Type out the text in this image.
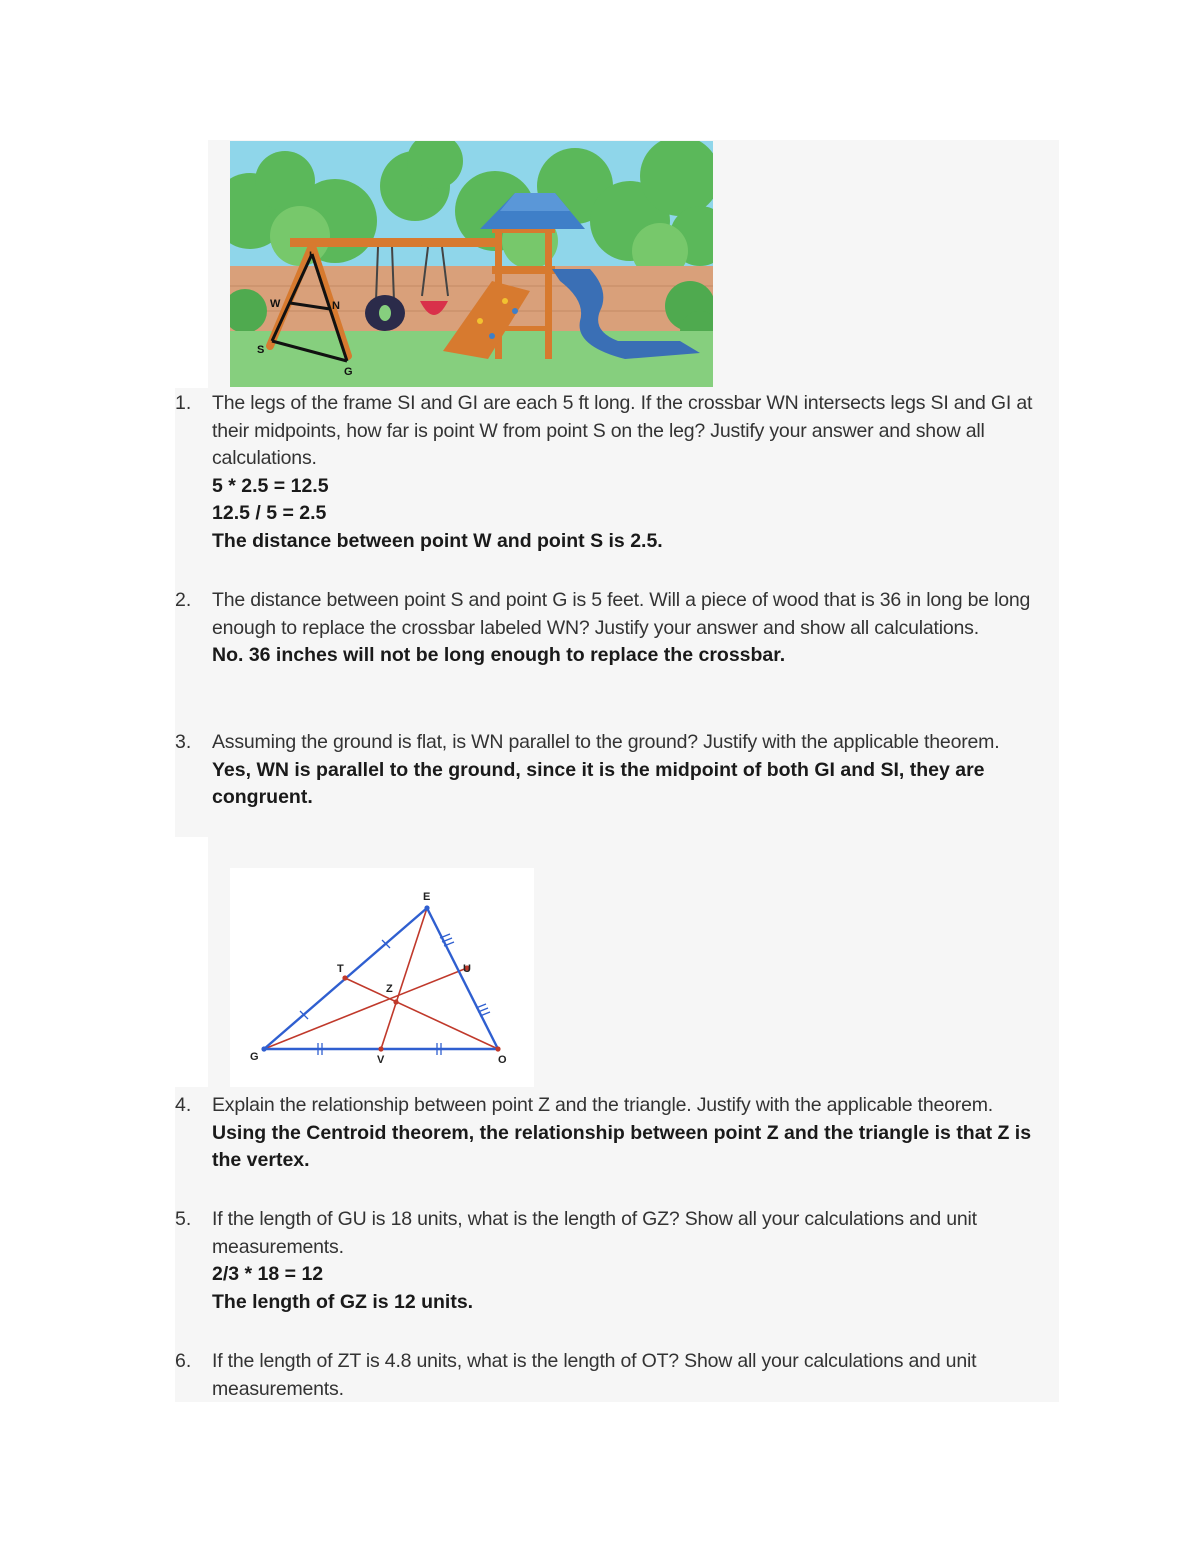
I
W	N
S
G
1.	The legs of the frame SI and GI are each 5 ft long. If the crossbar WN intersects legs SI and GI at their midpoints, how far is point W from point S on the leg? Justify your answer and show all calculations.
5 * 2.5 = 12.5
12.5 / 5 = 2.5
The distance between point W and point S is 2.5.
2.	The distance between point S and point G is 5 feet. Will a piece of wood that is 36 in long be long enough to replace the crossbar labeled WN? Justify your answer and show all calculations.
No. 36 inches will not be long enough to replace the crossbar.
3.	Assuming the ground is flat, is WN parallel to the ground? Justify with the applicable theorem.
Yes, WN is parallel to the ground, since it is the midpoint of both GI and SI, they are congruent.
E
G	O
T	U
V
Z
4.	Explain the relationship between point Z and the triangle. Justify with the applicable theorem.
Using the Centroid theorem, the relationship between point Z and the triangle is that Z is the vertex.
5.	If the length of GU is 18 units, what is the length of GZ? Show all your calculations and unit measurements.
2/3 * 18 = 12
The length of GZ is 12 units.
6.	If the length of ZT is 4.8 units, what is the length of OT? Show all your calculations and unit measurements.
